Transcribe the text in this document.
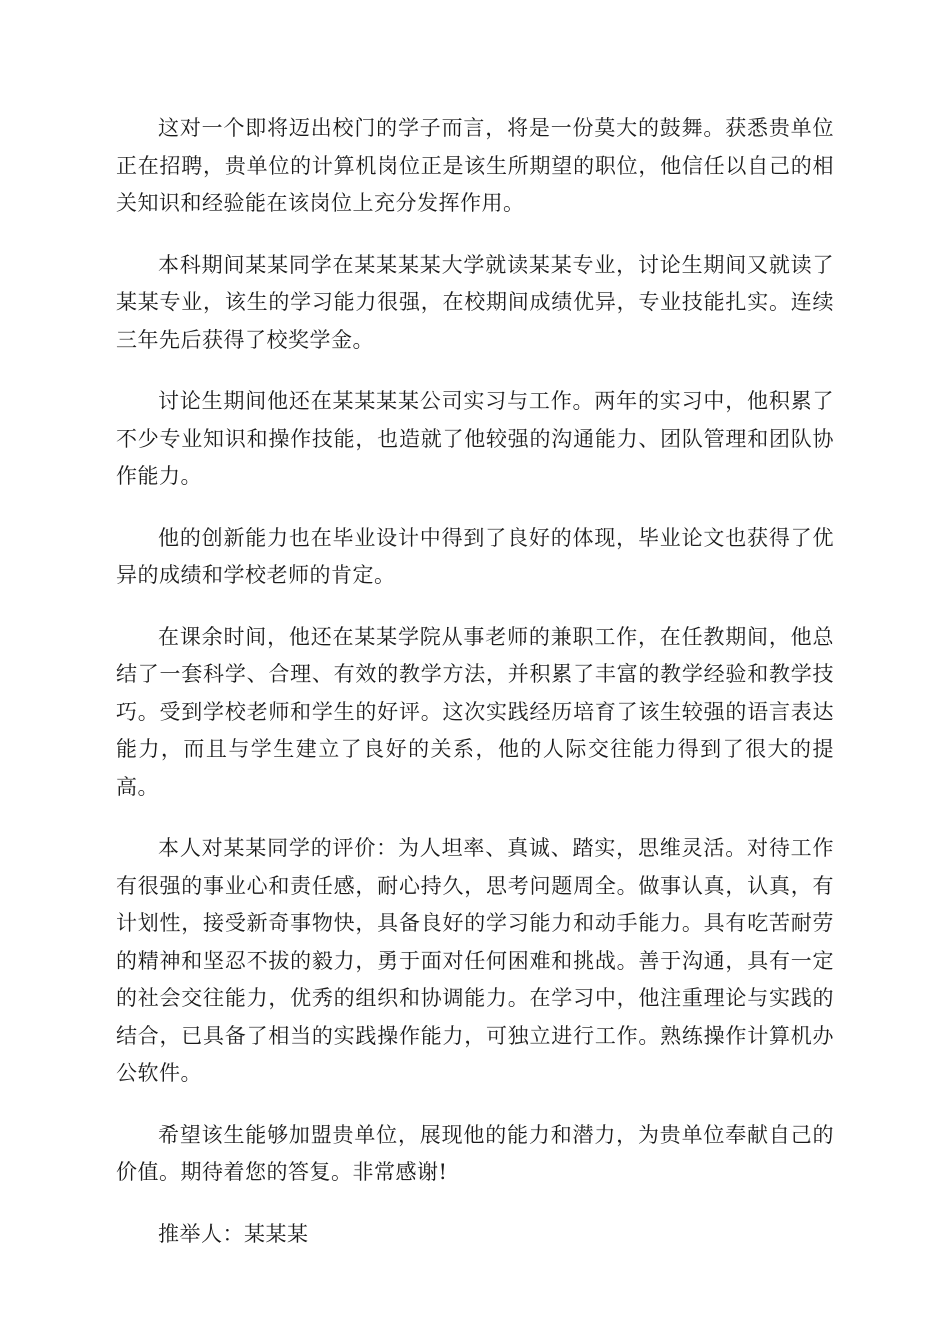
这对一个即将迈出校门的学子而言，将是一份莫大的鼓舞。获悉贵单位正在招聘，贵单位的计算机岗位正是该生所期望的职位，他信任以自己的相关知识和经验能在该岗位上充分发挥作用。

本科期间某某同学在某某某某大学就读某某专业，讨论生期间又就读了某某专业，该生的学习能力很强，在校期间成绩优异，专业技能扎实。连续三年先后获得了校奖学金。

讨论生期间他还在某某某某公司实习与工作。两年的实习中，他积累了不少专业知识和操作技能，也造就了他较强的沟通能力、团队管理和团队协作能力。

他的创新能力也在毕业设计中得到了良好的体现，毕业论文也获得了优异的成绩和学校老师的肯定。

在课余时间，他还在某某学院从事老师的兼职工作，在任教期间，他总结了一套科学、合理、有效的教学方法，并积累了丰富的教学经验和教学技巧。受到学校老师和学生的好评。这次实践经历培育了该生较强的语言表达能力，而且与学生建立了良好的关系，他的人际交往能力得到了很大的提高。

本人对某某同学的评价：为人坦率、真诚、踏实，思维灵活。对待工作有很强的事业心和责任感，耐心持久，思考问题周全。做事认真，认真，有计划性，接受新奇事物快，具备良好的学习能力和动手能力。具有吃苦耐劳的精神和坚忍不拔的毅力，勇于面对任何困难和挑战。善于沟通，具有一定的社会交往能力，优秀的组织和协调能力。在学习中，他注重理论与实践的结合，已具备了相当的实践操作能力，可独立进行工作。熟练操作计算机办公软件。

希望该生能够加盟贵单位，展现他的能力和潜力，为贵单位奉献自己的价值。期待着您的答复。非常感谢!

推举人：某某某
